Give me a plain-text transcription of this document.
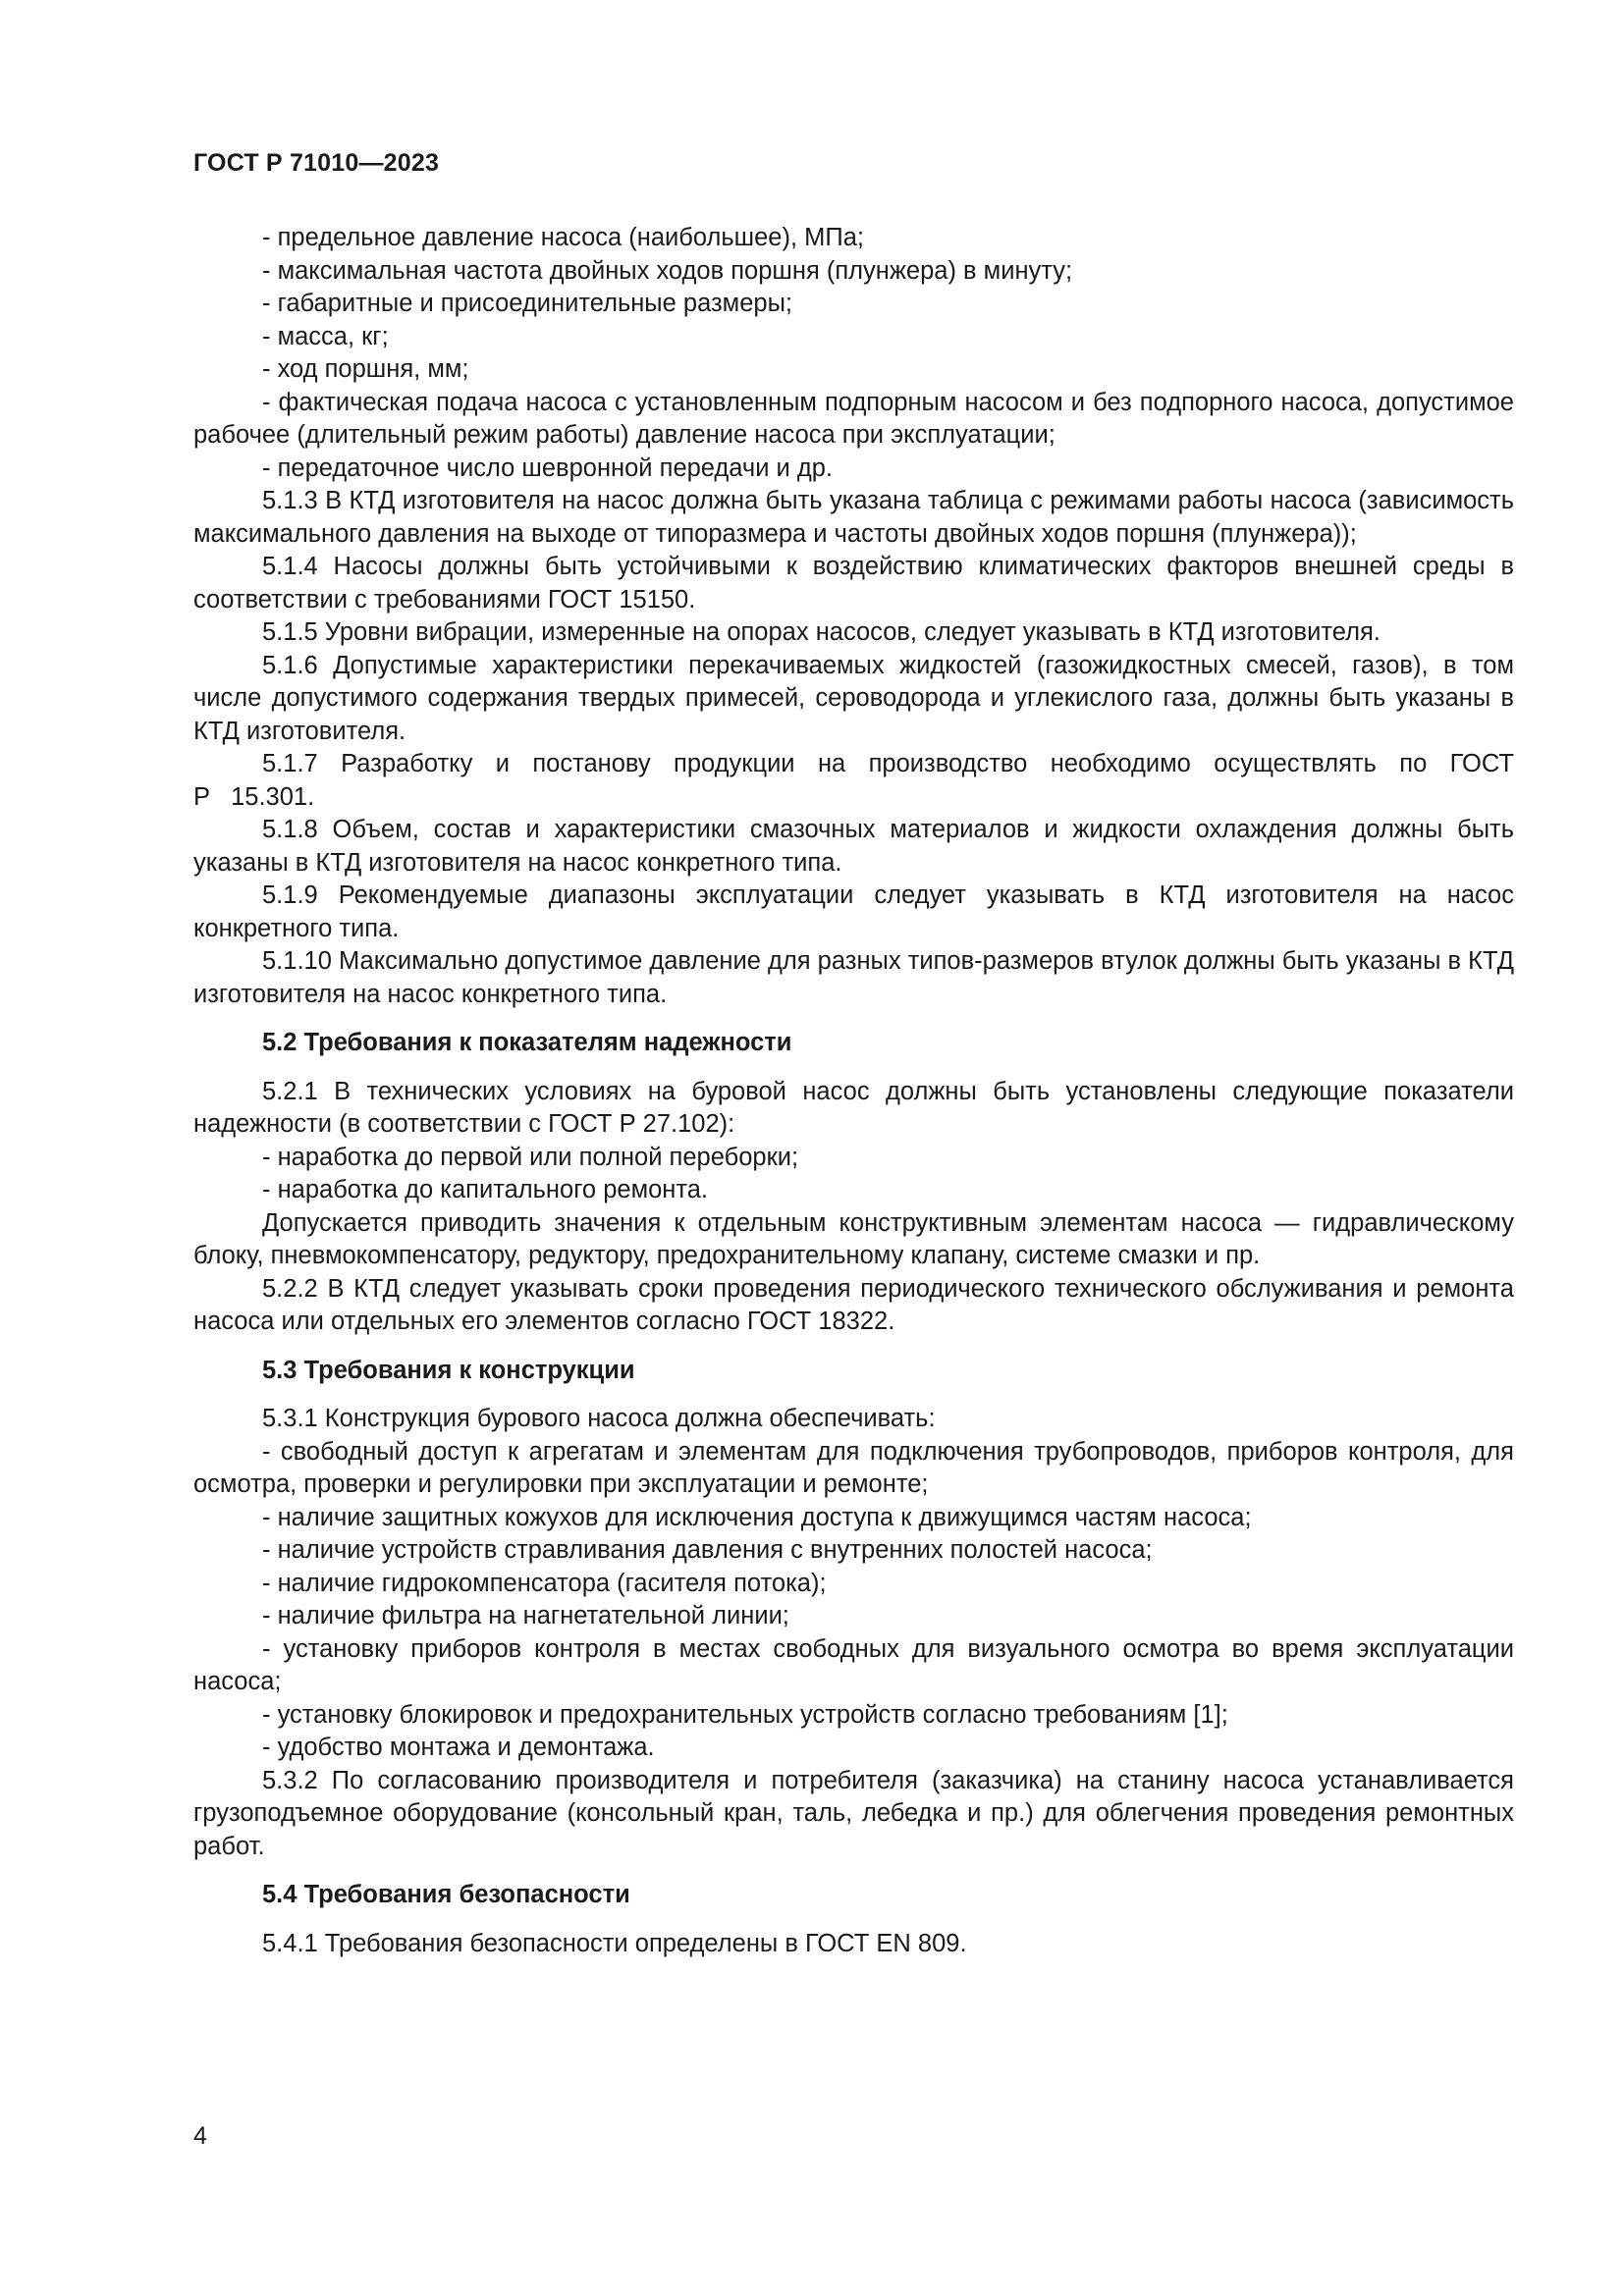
ГОСТ Р 71010—2023

- предельное давление насоса (наибольшее), МПа;

- максимальная частота двойных ходов поршня (плунжера) в минуту;

- габаритные и присоединительные размеры;

- масса, кг;

- ход поршня, мм;

- фактическая подача насоса с установленным подпорным насосом и без подпорного насоса, допустимое рабочее (длительный режим работы) давление насоса при эксплуатации;

- передаточное число шевронной передачи и др.

5.1.3 В КТД изготовителя на насос должна быть указана таблица с режимами работы насоса (зависимость максимального давления на выходе от типоразмера и частоты двойных ходов поршня (плунжера));

5.1.4 Насосы должны быть устойчивыми к воздействию климатических факторов внешней среды в соответствии с требованиями ГОСТ 15150.

5.1.5 Уровни вибрации, измеренные на опорах насосов, следует указывать в КТД изготовителя.

5.1.6 Допустимые характеристики перекачиваемых жидкостей (газожидкостных смесей, газов), в том числе допустимого содержания твердых примесей, сероводорода и углекислого газа, должны быть указаны в КТД изготовителя.

5.1.7 Разработку и постанову продукции на производство необходимо осуществлять по ГОСТ Р 15.301.

5.1.8 Объем, состав и характеристики смазочных материалов и жидкости охлаждения должны быть указаны в КТД изготовителя на насос конкретного типа.

5.1.9 Рекомендуемые диапазоны эксплуатации следует указывать в КТД изготовителя на насос конкретного типа.

5.1.10 Максимально допустимое давление для разных типов-размеров втулок должны быть указаны в КТД изготовителя на насос конкретного типа.

5.2 Требования к показателям надежности

5.2.1 В технических условиях на буровой насос должны быть установлены следующие показатели надежности (в соответствии с ГОСТ Р 27.102):

- наработка до первой или полной переборки;

- наработка до капитального ремонта.

Допускается приводить значения к отдельным конструктивным элементам насоса — гидравлическому блоку, пневмокомпенсатору, редуктору, предохранительному клапану, системе смазки и пр.

5.2.2 В КТД следует указывать сроки проведения периодического технического обслуживания и ремонта насоса или отдельных его элементов согласно ГОСТ 18322.

5.3 Требования к конструкции

5.3.1 Конструкция бурового насоса должна обеспечивать:

- свободный доступ к агрегатам и элементам для подключения трубопроводов, приборов контроля, для осмотра, проверки и регулировки при эксплуатации и ремонте;

- наличие защитных кожухов для исключения доступа к движущимся частям насоса;

- наличие устройств стравливания давления с внутренних полостей насоса;

- наличие гидрокомпенсатора (гасителя потока);

- наличие фильтра на нагнетательной линии;

- установку приборов контроля в местах свободных для визуального осмотра во время эксплуатации насоса;

- установку блокировок и предохранительных устройств согласно требованиям [1];

- удобство монтажа и демонтажа.

5.3.2 По согласованию производителя и потребителя (заказчика) на станину насоса устанавливается грузоподъемное оборудование (консольный кран, таль, лебедка и пр.) для облегчения проведения ремонтных работ.

5.4 Требования безопасности

5.4.1 Требования безопасности определены в ГОСТ EN 809.

4
